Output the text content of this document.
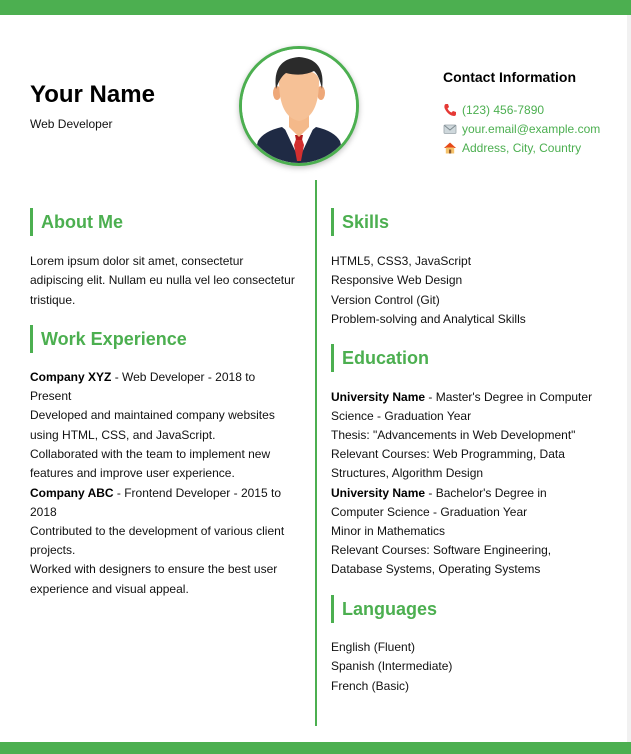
Your Name
Web Developer
Contact Information
(123) 456-7890
your.email@example.com
Address, City, Country
About Me
Lorem ipsum dolor sit amet, consectetur
adipiscing elit. Nullam eu nulla vel leo consectetur
tristique.
Work Experience
Company XYZ - Web Developer - 2018 to
Present
Developed and maintained company websites
using HTML, CSS, and JavaScript.
Collaborated with the team to implement new
features and improve user experience.
Company ABC - Frontend Developer - 2015 to
2018
Contributed to the development of various client
projects.
Worked with designers to ensure the best user
experience and visual appeal.
Skills
HTML5, CSS3, JavaScript
Responsive Web Design
Version Control (Git)
Problem-solving and Analytical Skills
Education
University Name - Master's Degree in Computer
Science - Graduation Year
Thesis: "Advancements in Web Development"
Relevant Courses: Web Programming, Data
Structures, Algorithm Design
University Name - Bachelor's Degree in
Computer Science - Graduation Year
Minor in Mathematics
Relevant Courses: Software Engineering,
Database Systems, Operating Systems
Languages
English (Fluent)
Spanish (Intermediate)
French (Basic)
